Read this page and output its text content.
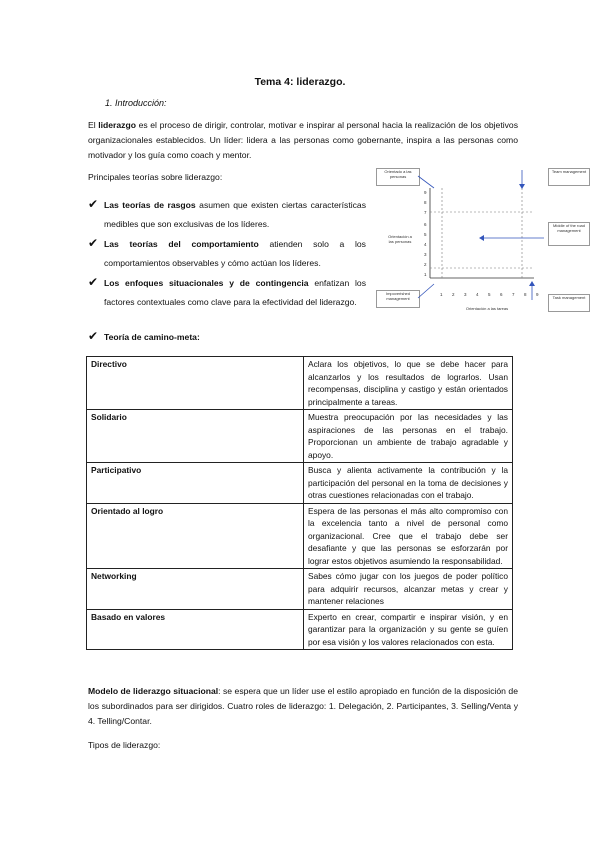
Tema 4: liderazgo.
1. Introducción:
El liderazgo es el proceso de dirigir, controlar, motivar e inspirar al personal hacia la realización de los objetivos organizacionales establecidos. Un líder: lidera a las personas como gobernante, inspira a las personas como motivador y los guía como coach y mentor.
Principales teorías sobre liderazgo:
✔ Las teorías de rasgos asumen que existen ciertas características medibles que son exclusivas de los líderes.
✔ Las teorías del comportamiento atienden solo a los comportamientos observables y cómo actúan los líderes.
✔ Los enfoques situacionales y de contingencia enfatizan los factores contextuales como clave para la efectividad del liderazgo.
✔ Teoría de camino-meta:
Orientado a las personas
Team management
Middle of the road management
Impoverished management	Task management
Orientación a las personas
Orientación a las tareas
9
8
7
6
5
4
3
2
1
1 2 3 4 5 6 7 8 9
Directivo	Aclara los objetivos, lo que se debe hacer para alcanzarlos y los resultados de lograrlos. Usan recompensas, disciplina y castigo y están orientados principalmente a tareas.
Solidario	Muestra preocupación por las necesidades y las aspiraciones de las personas en el trabajo. Proporcionan un ambiente de trabajo agradable y apoyo.
Participativo	Busca y alienta activamente la contribución y la participación del personal en la toma de decisiones y otras cuestiones relacionadas con el trabajo.
Orientado al logro	Espera de las personas el más alto compromiso con la excelencia tanto a nivel de personal como organizacional. Cree que el trabajo debe ser desafiante y que las personas se esforzarán por lograr estos objetivos asumiendo la responsabilidad.
Networking	Sabes cómo jugar con los juegos de poder político para adquirir recursos, alcanzar metas y crear y mantener relaciones
Basado en valores	Experto en crear, compartir e inspirar visión, y en garantizar para la organización y su gente se guíen por esa visión y los valores relacionados con esta.
Modelo de liderazgo situacional: se espera que un líder use el estilo apropiado en función de la disposición de los subordinados para ser dirigidos. Cuatro roles de liderazgo: 1. Delegación, 2. Participantes, 3. Selling/Venta y 4. Telling/Contar.
Tipos de liderazgo:
